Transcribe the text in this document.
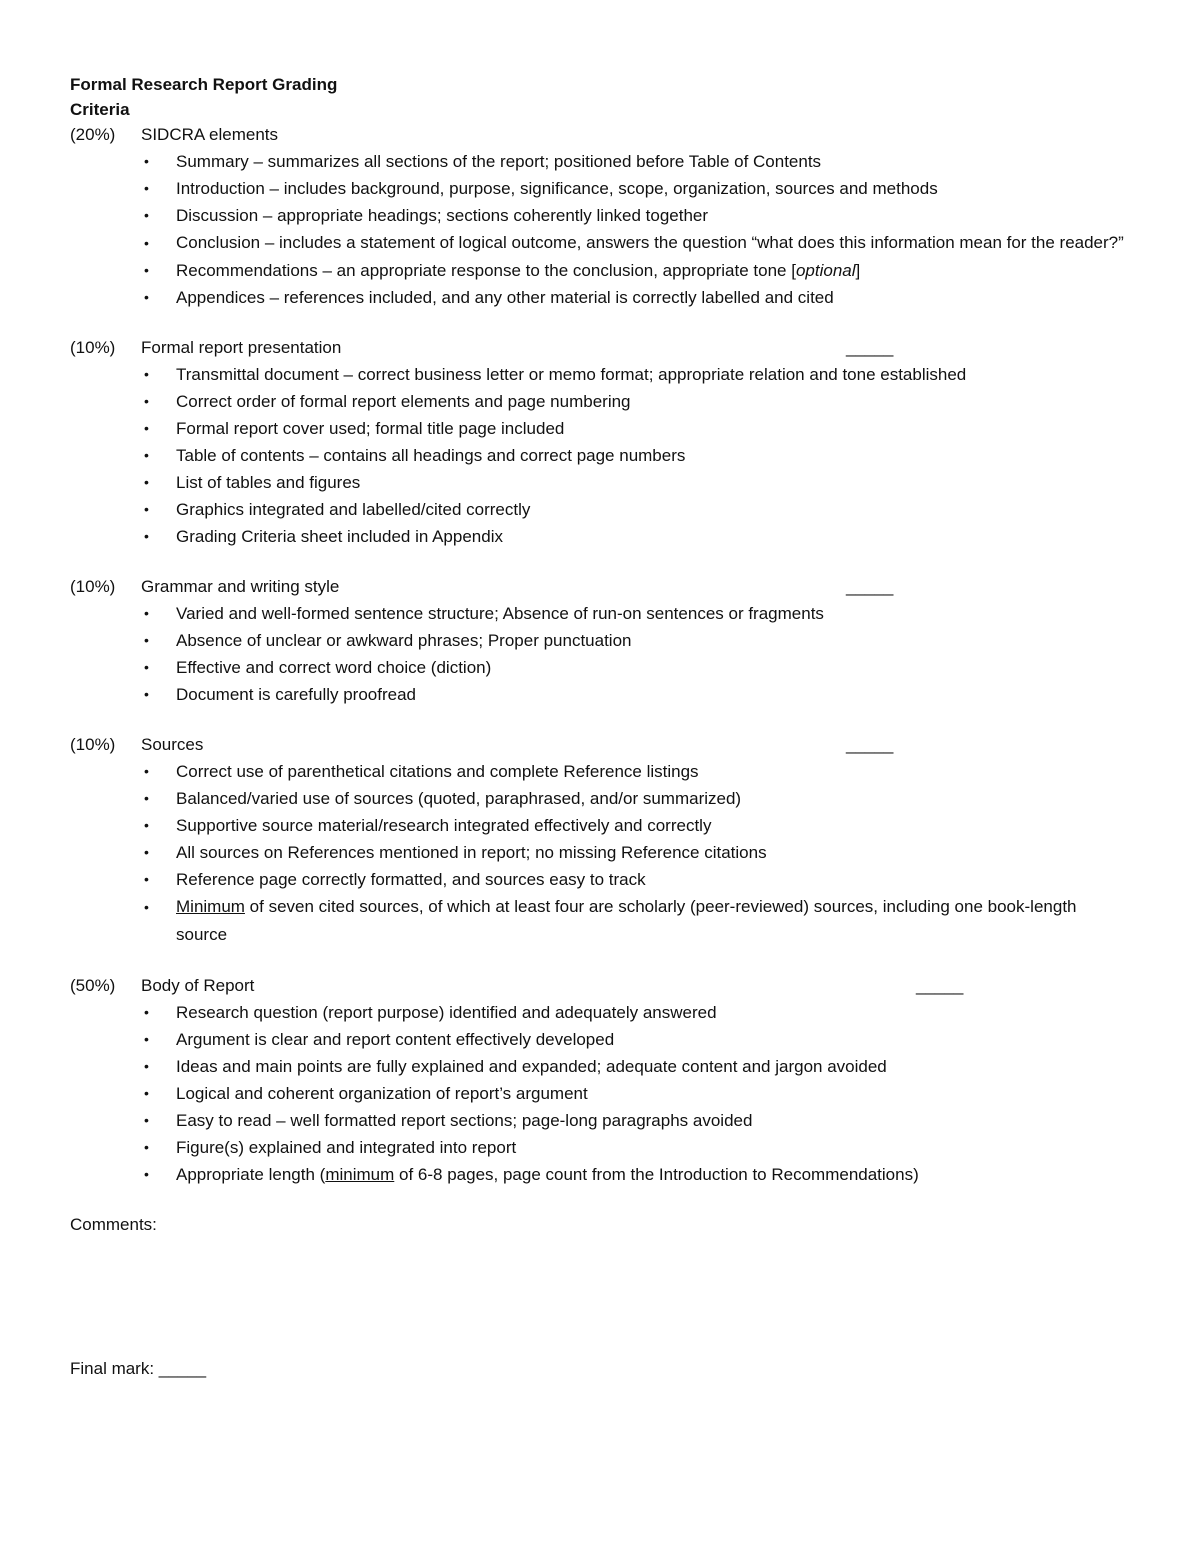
Formal Research Report Grading
Criteria
(20%) SIDCRA elements
• Summary – summarizes all sections of the report; positioned before Table of Contents
• Introduction – includes background, purpose, significance, scope, organization, sources and methods
• Discussion – appropriate headings; sections coherently linked together
• Conclusion – includes a statement of logical outcome, answers the question “what does this information mean for the reader?”
• Recommendations – an appropriate response to the conclusion, appropriate tone [optional]
• Appendices – references included, and any other material is correctly labelled and cited
(10%) Formal report presentation	_____
• Transmittal document – correct business letter or memo format; appropriate relation and tone established
• Correct order of formal report elements and page numbering
• Formal report cover used; formal title page included
• Table of contents – contains all headings and correct page numbers
• List of tables and figures
• Graphics integrated and labelled/cited correctly
• Grading Criteria sheet included in Appendix
(10%) Grammar and writing style	_____
• Varied and well-formed sentence structure; Absence of run-on sentences or fragments
• Absence of unclear or awkward phrases; Proper punctuation
• Effective and correct word choice (diction)
• Document is carefully proofread
(10%) Sources	_____
• Correct use of parenthetical citations and complete Reference listings
• Balanced/varied use of sources (quoted, paraphrased, and/or summarized)
• Supportive source material/research integrated effectively and correctly
• All sources on References mentioned in report; no missing Reference citations
• Reference page correctly formatted, and sources easy to track
• Minimum of seven cited sources, of which at least four are scholarly (peer-reviewed) sources, including one book-length source
(50%) Body of Report	_____
• Research question (report purpose) identified and adequately answered
• Argument is clear and report content effectively developed
• Ideas and main points are fully explained and expanded; adequate content and jargon avoided
• Logical and coherent organization of report’s argument
• Easy to read – well formatted report sections; page-long paragraphs avoided
• Figure(s) explained and integrated into report
• Appropriate length (minimum of 6-8 pages, page count from the Introduction to Recommendations)
Comments:
Final mark: _____
